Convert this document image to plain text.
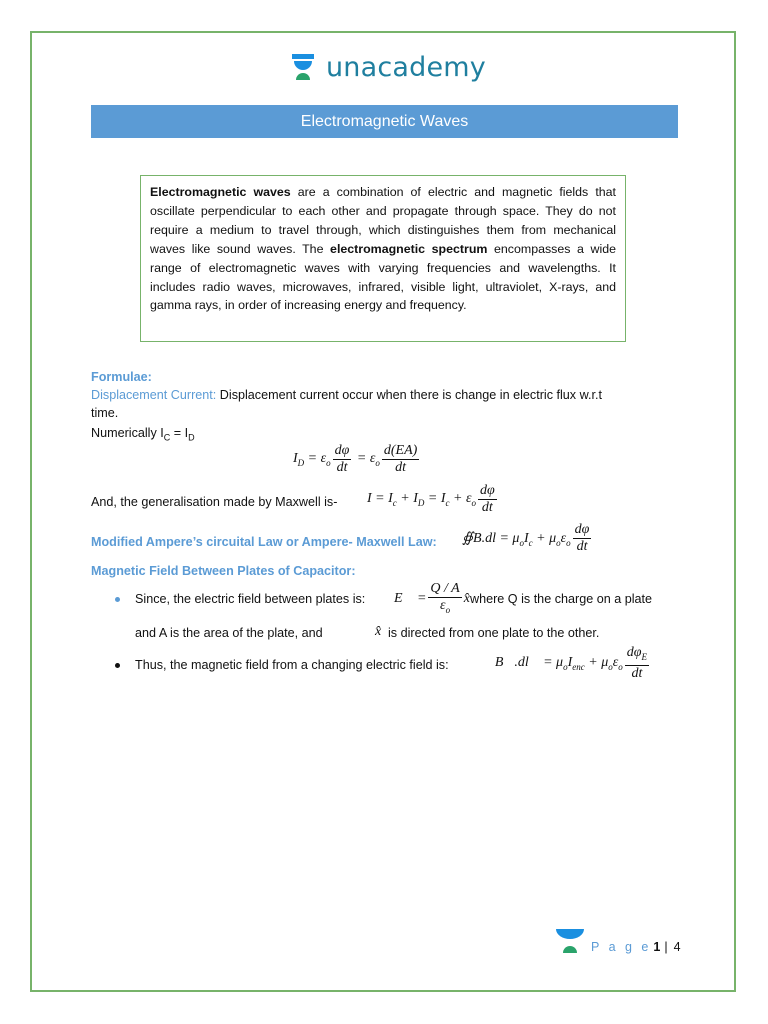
unacademy
Electromagnetic Waves
Electromagnetic waves are a combination of electric and magnetic fields that oscillate perpendicular to each other and propagate through space. They do not require a medium to travel through, which distinguishes them from mechanical waves like sound waves. The electromagnetic spectrum encompasses a wide range of electromagnetic waves with varying frequencies and wavelengths. It includes radio waves, microwaves, infrared, visible light, ultraviolet, X-rays, and gamma rays, in order of increasing energy and frequency.
Formulae:
Displacement Current: Displacement current occur when there is change in electric flux w.r.t
time.
Numerically $I_C = I_D$
$I_D = \varepsilon_o \frac{d\varphi}{dt} = \varepsilon_o \frac{d(EA)}{dt}$
And, the generalisation made by Maxwell is- $I = I_c + I_D = I_c + \varepsilon_o \frac{d\varphi}{dt}$
Modified Ampere’s circuital Law or Ampere- Maxwell Law: ∯B.dl = $\mu_oI_c + \mu_o\varepsilon_o \frac{d\varphi}{dt}$
Magnetic Field Between Plates of Capacitor:
Since, the electric field between plates is: E⃗ = $\frac{Q / A}{\varepsilon_o}$ x̂ where Q is the charge on a plate
and A is the area of the plate, and	x̂ is directed from one plate to the other.
Thus, the magnetic field from a changing electric field is:	∯B⃗.dl⃗ = $\mu_oI_{enc} + \mu_o\varepsilon_o \frac{d\varphi_E}{dt}$
P a g e 1 | 4
